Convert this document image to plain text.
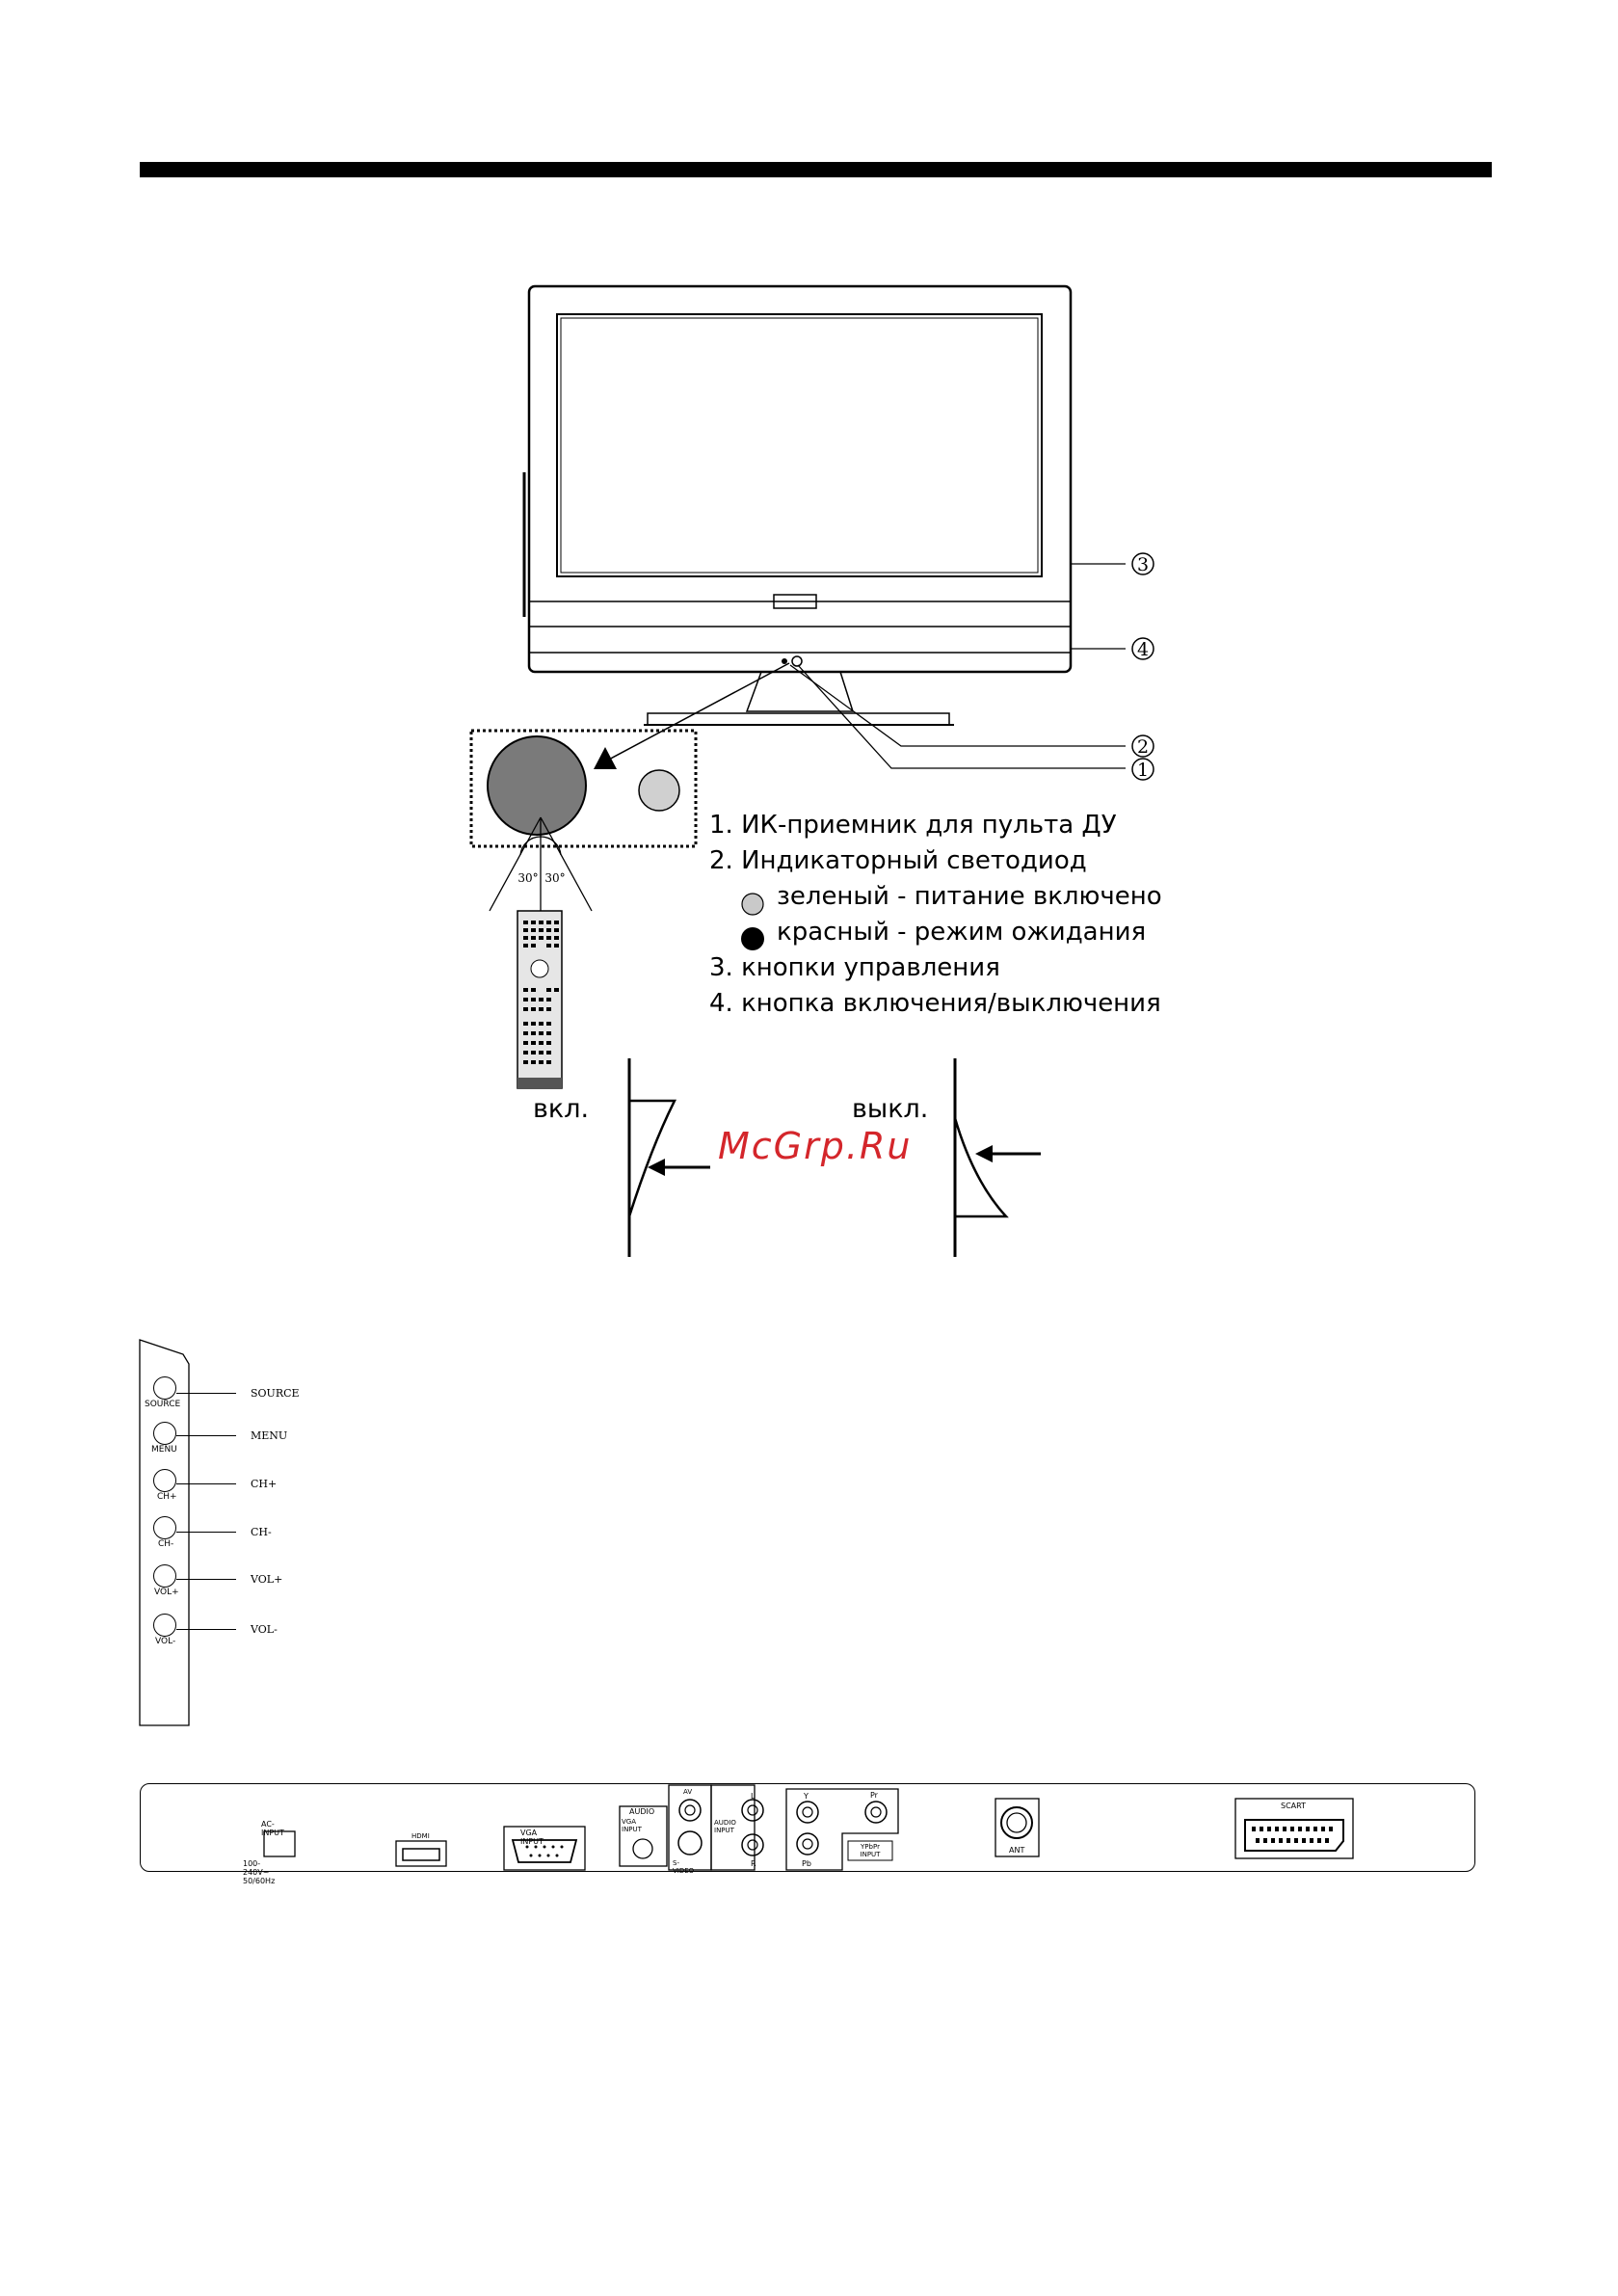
3
4
2
1
30° 30°
1. ИК-приемник для пульта ДУ
2. Индикаторный светодиод
зеленый - питание включено
красный - режим ожидания
3. кнопки управления
4. кнопка включения/выключения
вкл.	выкл.
McGrp.Ru
SOURCE
SOURCE
MENU
MENU
CH+
CH+
CH-
CH-
VOL+
VOL+
VOL-
VOL-
AC-INPUT
100-240V~ 50/60Hz
HDMI	VGA INPUT
AUDIO
VGA INPUT
AV
S-VIDEO
AUDIO INPUT
L
R
Y	Pr
Pb
YPbPr INPUT	ANT
SCART
